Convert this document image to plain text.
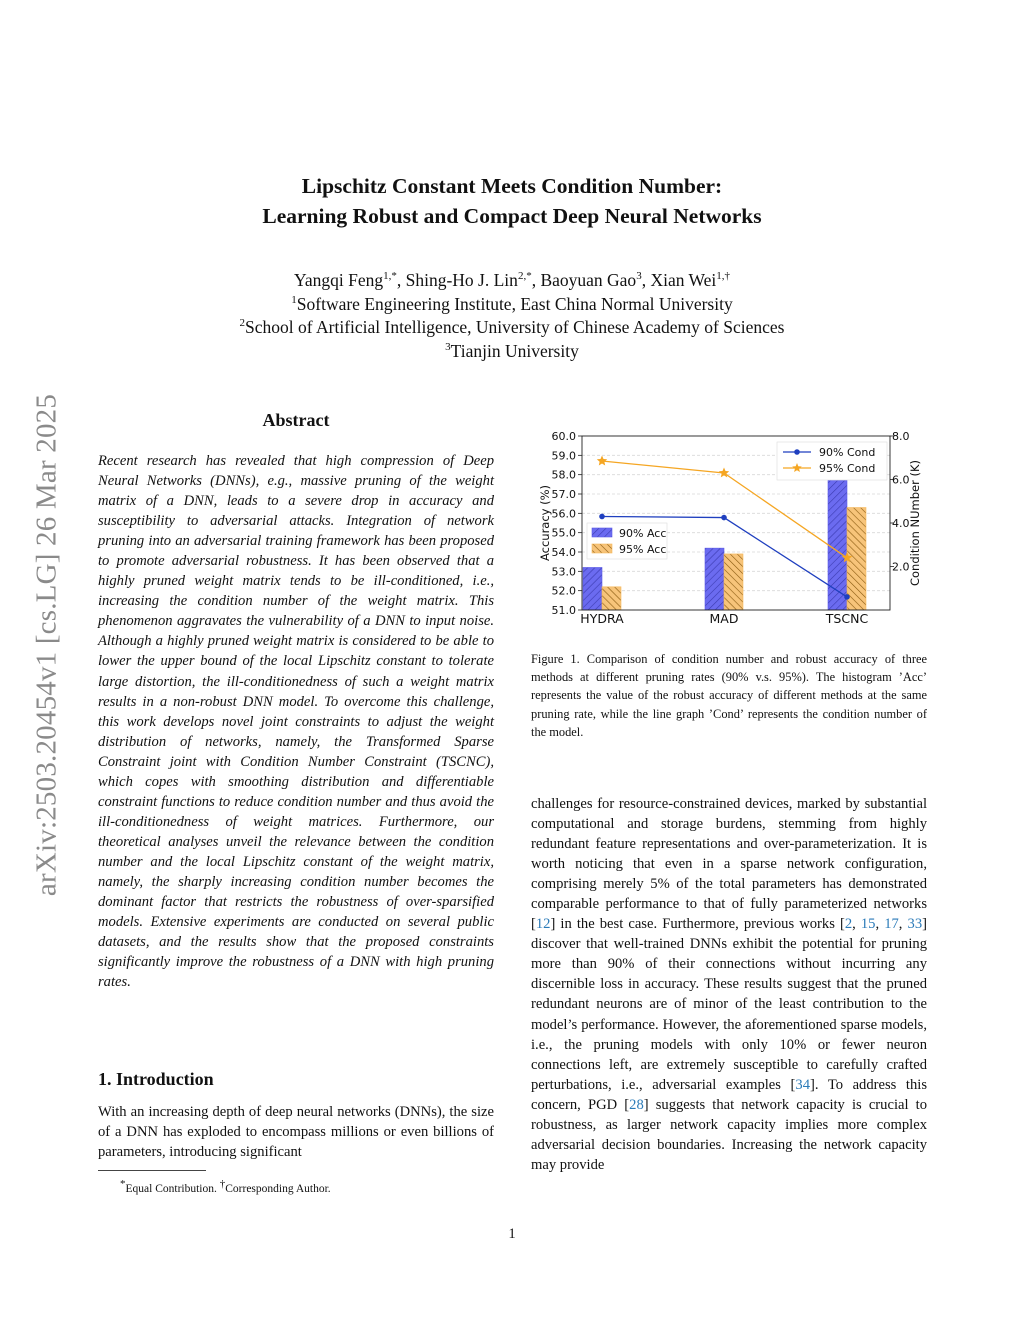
arXiv:2503.20454v1 [cs.LG] 26 Mar 2025
Lipschitz Constant Meets Condition Number:
Learning Robust and Compact Deep Neural Networks
Yangqi Feng$^{1,*}$, Shing-Ho J. Lin$^{2,*}$, Baoyuan Gao$^3$, Xian Wei$^{1,\dagger}$
$^1$Software Engineering Institute, East China Normal University
$^2$School of Artificial Intelligence, University of Chinese Academy of Sciences
$^3$Tianjin University
Abstract
Recent research has revealed that high compression of Deep Neural Networks (DNNs), e.g., massive pruning of the weight matrix of a DNN, leads to a severe drop in accuracy and susceptibility to adversarial attacks. Integration of network pruning into an adversarial training framework has been proposed to promote adversarial robustness. It has been observed that a highly pruned weight matrix tends to be ill-conditioned, i.e., increasing the condition number of the weight matrix. This phenomenon aggravates the vulnerability of a DNN to input noise. Although a highly pruned weight matrix is considered to be able to lower the upper bound of the local Lipschitz constant to tolerate large distortion, the ill-conditionedness of such a weight matrix results in a non-robust DNN model. To overcome this challenge, this work develops novel joint constraints to adjust the weight distribution of networks, namely, the Transformed Sparse Constraint joint with Condition Number Constraint (TSCNC), which copes with smoothing distribution and differentiable constraint functions to reduce condition number and thus avoid the ill-conditionedness of weight matrices. Furthermore, our theoretical analyses unveil the relevance between the condition number and the local Lipschitz constant of the weight matrix, namely, the sharply increasing condition number becomes the dominant factor that restricts the robustness of over-sparsified models. Extensive experiments are conducted on several public datasets, and the results show that the proposed constraints significantly improve the robustness of a DNN with high pruning rates.
1. Introduction
With an increasing depth of deep neural networks (DNNs), the size of a DNN has exploded to encompass millions or even billions of parameters, introducing significant
*Equal Contribution. †Corresponding Author.
51.0
52.0
53.0
54.0
55.0
56.0
57.0
58.0
59.0
60.0
2.0
4.0
6.0
8.0
HYDRA	MAD	TSCNC
Accuracy (%)	Condition NUmber (K)
90% Cond
95% Cond
90% Acc
95% Acc
Figure 1. Comparison of condition number and robust accuracy of three methods at different pruning rates (90% v.s. 95%). The histogram ’Acc’ represents the value of the robust accuracy of different methods at the same pruning rate, while the line graph ’Cond’ represents the condition number of the model.
challenges for resource-constrained devices, marked by substantial computational and storage burdens, stemming from highly redundant feature representations and over-parameterization. It is worth noticing that even in a sparse network configuration, comprising merely 5% of the total parameters has demonstrated comparable performance to that of fully parameterized networks [12] in the best case. Furthermore, previous works [2, 15, 17, 33] discover that well-trained DNNs exhibit the potential for pruning more than 90% of their connections without incurring any discernible loss in accuracy. These results suggest that the pruned redundant neurons are of minor of the least contribution to the model’s performance. However, the aforementioned sparse models, i.e., the pruning models with only 10% or fewer neuron connections left, are extremely susceptible to carefully crafted perturbations, i.e., adversarial examples [34]. To address this concern, PGD [28] suggests that network capacity is crucial to robustness, as larger network capacity implies more complex adversarial decision boundaries. Increasing the network capacity may provide
1
